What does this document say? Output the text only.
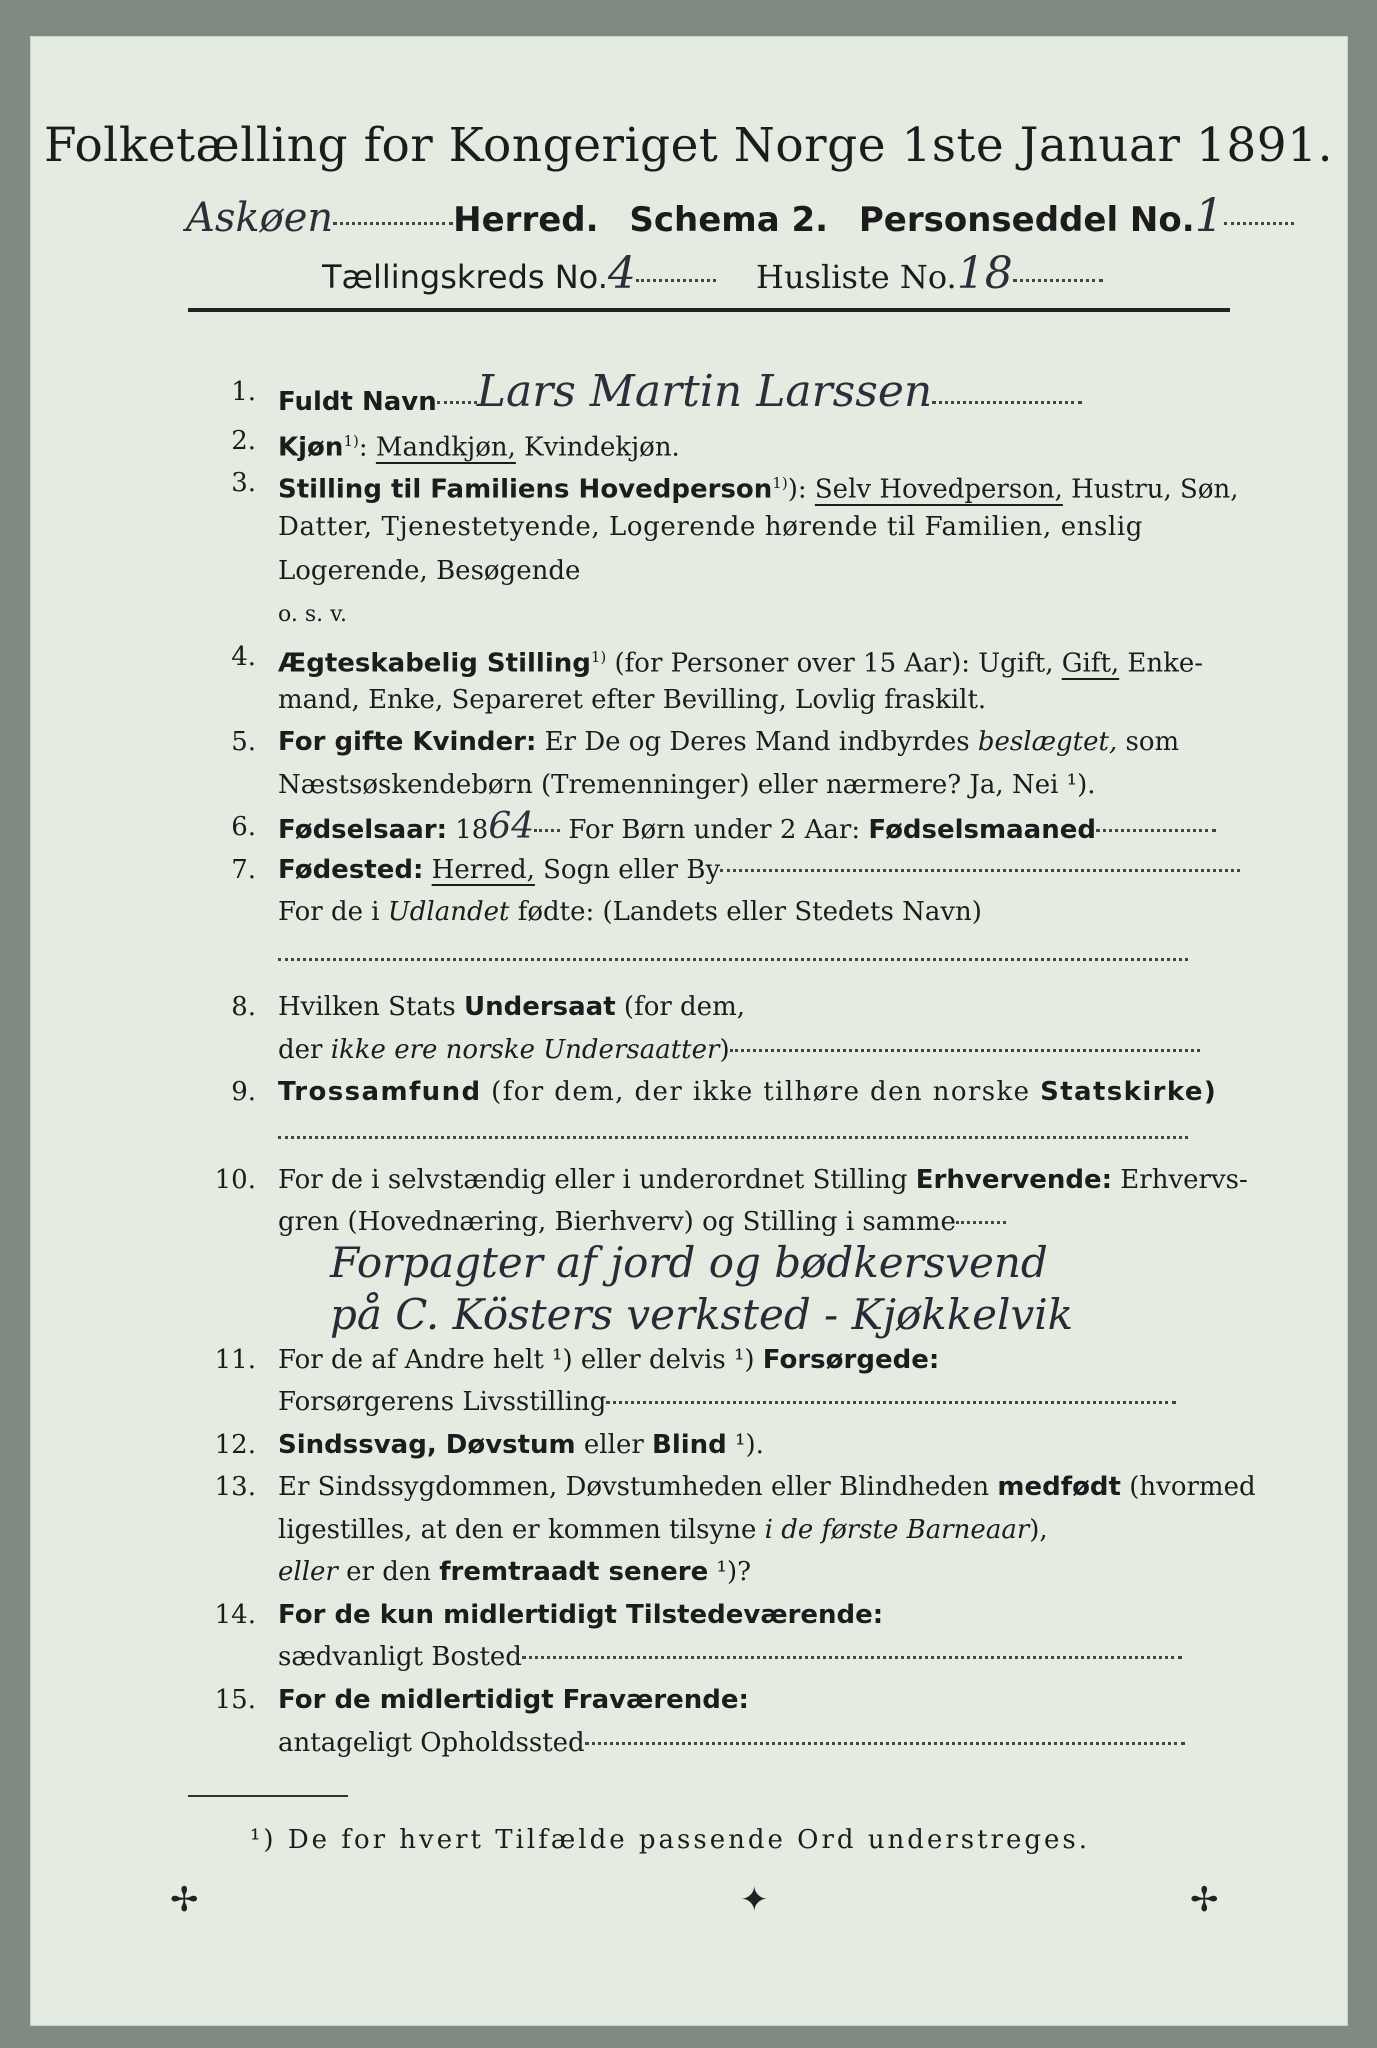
Folketælling for Kongeriget Norge 1ste Januar 1891.
Askøen	Herred. Schema 2. Personseddel No.1
Tællingskreds No.4	Husliste No.18
1. Fuldt Navn Lars Martin Larssen
2. Kjøn$^{1)}$: Mandkjøn, Kvindekjøn.
3. Stilling til Familiens Hovedperson$^{1)}$): Selv Hovedperson, Hustru, Søn,
Datter, Tjenestetyende, Logerende hørende til Familien, enslig
Logerende, Besøgende
o. s. v.
4. Ægteskabelig Stilling$^{1)}$ (for Personer over 15 Aar): Ugift, Gift, Enke-
mand, Enke, Separeret efter Bevilling, Lovlig fraskilt.
5. For gifte Kvinder: Er De og Deres Mand indbyrdes beslægtet, som
Næstsøskendebørn (Tremenninger) eller nærmere? Ja, Nei ¹).
6. Fødselsaar: 1864 For Børn under 2 Aar: Fødselsmaaned
7. Fødested: Herred, Sogn eller By
For de i Udlandet fødte: (Landets eller Stedets Navn)
8. Hvilken Stats Undersaat (for dem,
der ikke ere norske Undersaatter)
9. Trossamfund (for dem, der ikke tilhøre den norske Statskirke)
10. For de i selvstændig eller i underordnet Stilling Erhvervende: Erhvervs-
gren (Hovednæring, Bierhverv) og Stilling i samme
Forpagter af jord og bødkersvend
på C. Kösters verksted - Kjøkkelvik
11. For de af Andre helt ¹) eller delvis ¹) Forsørgede:
Forsørgerens Livsstilling
12. Sindssvag, Døvstum eller Blind ¹).
13. Er Sindssygdommen, Døvstumheden eller Blindheden medfødt (hvormed
ligestilles, at den er kommen tilsyne i de første Barneaar),
eller er den fremtraadt senere ¹)?
14. For de kun midlertidigt Tilstedeværende:
sædvanligt Bosted
15. For de midlertidigt Fraværende:
antageligt Opholdssted
¹) De for hvert Tilfælde passende Ord understreges.
✢	✦	✢
